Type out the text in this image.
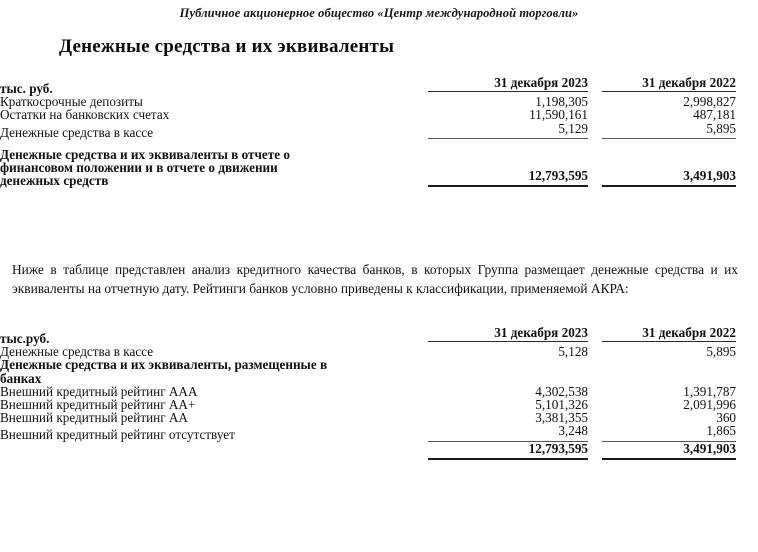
Публичное акционерное общество «Центр международной торговли»
Денежные средства и их эквиваленты
тыс. руб.	31 декабря 2023		31 декабря 2022

Краткосрочные депозиты	1,198,305		2,998,827
Остатки на банковских счетах	11,590,161		487,181
Денежные средства в кассе	5,129		5,895

Денежные средства и их эквиваленты в отчете о
финансовом положении и в отчете о движении
денежных средств	12,793,595		3,491,903
Ниже в таблице представлен анализ кредитного качества банков, в которых Группа размещает денежные средства и их эквиваленты на отчетную дату. Рейтинги банков условно приведены к классификации, применяемой АКРА:
тыс.руб.	31 декабря 2023		31 декабря 2022

Денежные средства в кассе	5,128		5,895

Денежные средства и их эквиваленты, размещенные в
банках			

Внешний кредитный рейтинг ААА	4,302,538		1,391,787
Внешний кредитный рейтинг АА+	5,101,326		2,091,996
Внешний кредитный рейтинг АА	3,381,355		360
Внешний кредитный рейтинг отсутствует	3,248		1,865

	12,793,595		3,491,903
